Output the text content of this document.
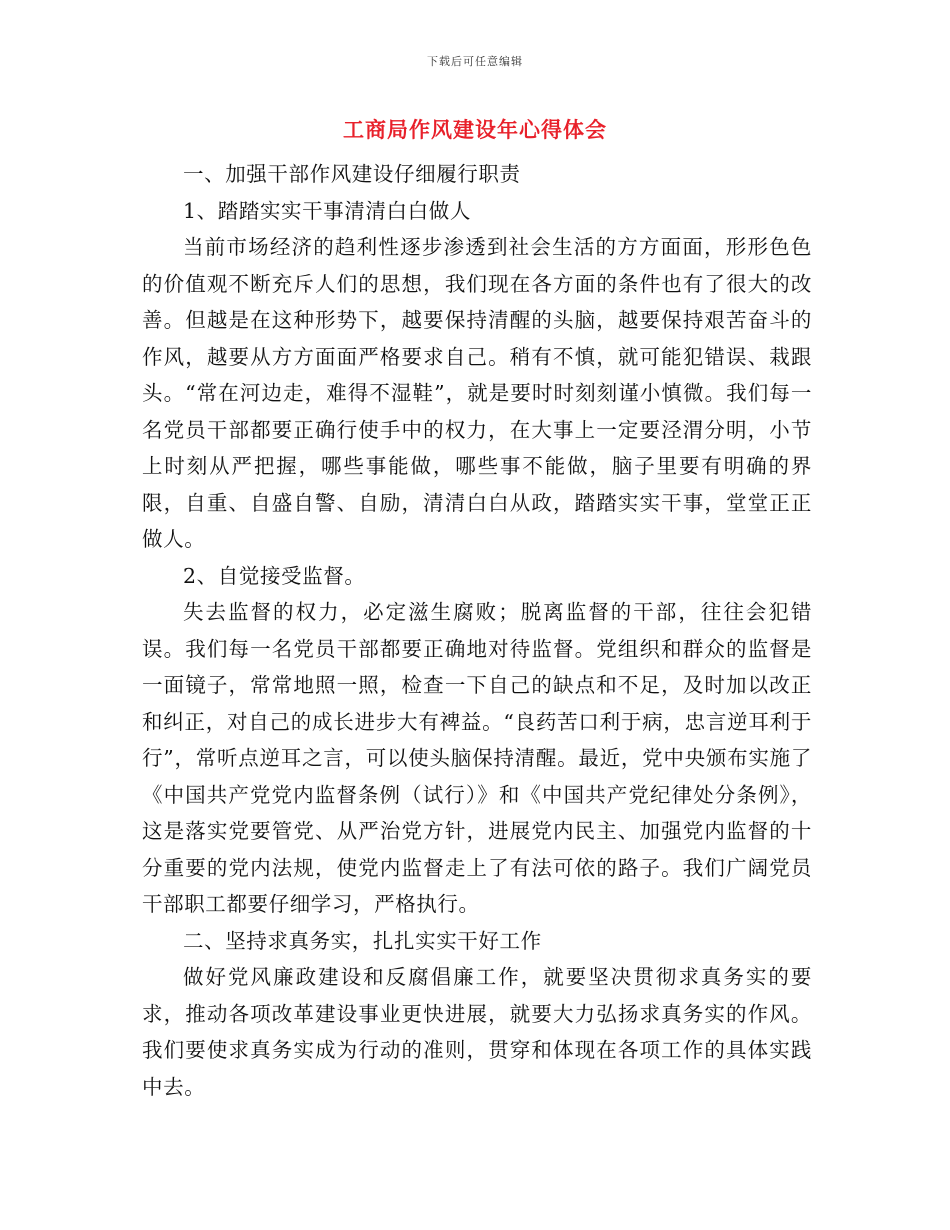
下载后可任意编辑
工商局作风建设年心得体会

一、加强干部作风建设仔细履行职责

1、踏踏实实干事清清白白做人

当前市场经济的趋利性逐步渗透到社会生活的方方面面，形形色色的价值观不断充斥人们的思想，我们现在各方面的条件也有了很大的改善。但越是在这种形势下，越要保持清醒的头脑，越要保持艰苦奋斗的作风，越要从方方面面严格要求自己。稍有不慎，就可能犯错误、栽跟头。“常在河边走，难得不湿鞋”，就是要时时刻刻谨小慎微。我们每一名党员干部都要正确行使手中的权力，在大事上一定要泾渭分明，小节上时刻从严把握，哪些事能做，哪些事不能做，脑子里要有明确的界限，自重、自盛自警、自励，清清白白从政，踏踏实实干事，堂堂正正做人。

2、自觉接受监督。

失去监督的权力，必定滋生腐败；脱离监督的干部，往往会犯错误。我们每一名党员干部都要正确地对待监督。党组织和群众的监督是一面镜子，常常地照一照，检查一下自己的缺点和不足，及时加以改正和纠正，对自己的成长进步大有裨益。“良药苦口利于病，忠言逆耳利于行”，常听点逆耳之言，可以使头脑保持清醒。最近，党中央颁布实施了《中国共产党党内监督条例（试行）》和《中国共产党纪律处分条例》，这是落实党要管党、从严治党方针，进展党内民主、加强党内监督的十分重要的党内法规，使党内监督走上了有法可依的路子。我们广阔党员干部职工都要仔细学习，严格执行。

二、坚持求真务实，扎扎实实干好工作

做好党风廉政建设和反腐倡廉工作，就要坚决贯彻求真务实的要求，推动各项改革建设事业更快进展，就要大力弘扬求真务实的作风。我们要使求真务实成为行动的准则，贯穿和体现在各项工作的具体实践中去。
